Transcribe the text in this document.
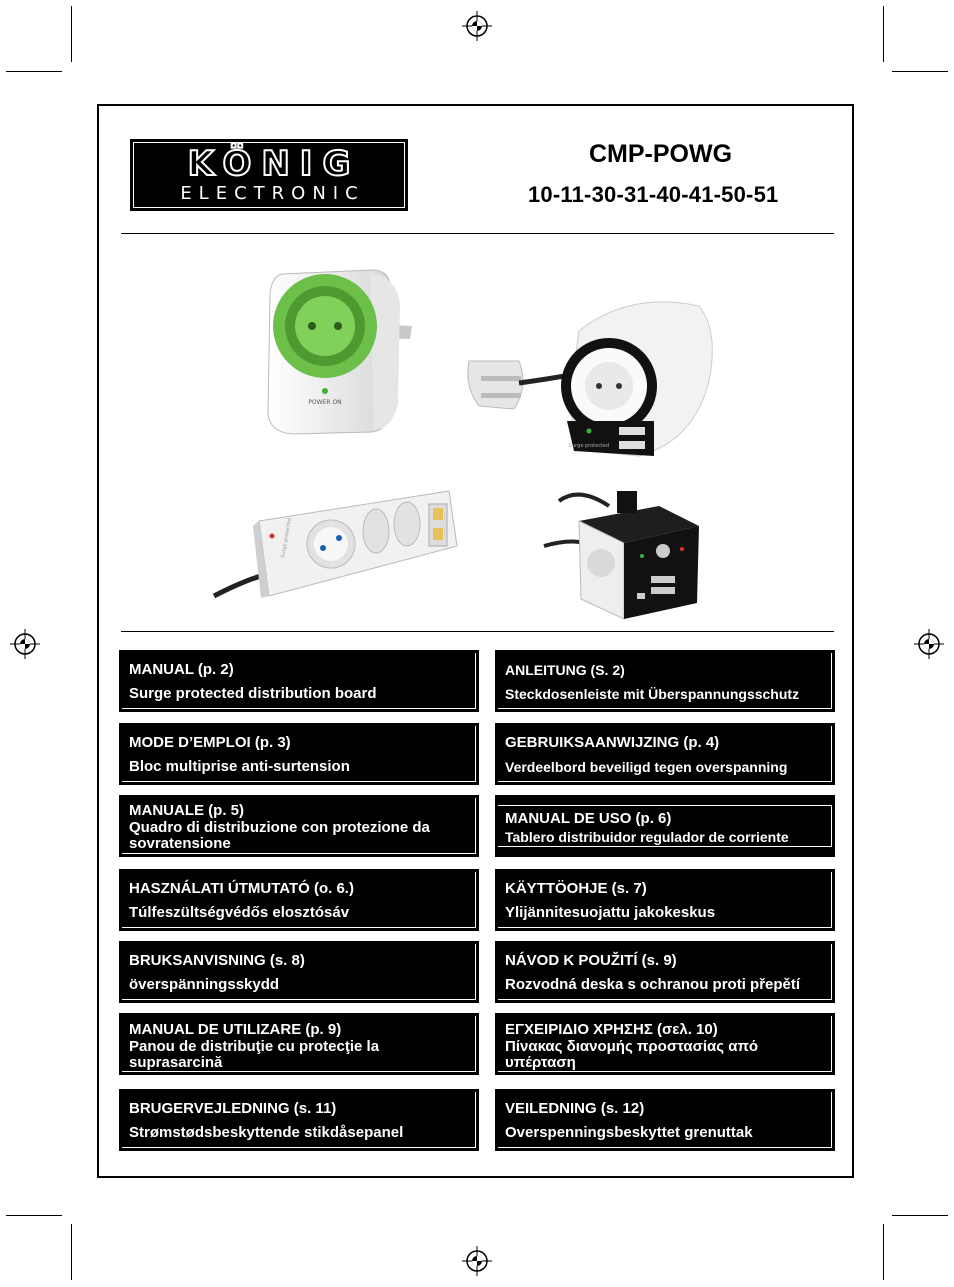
KÖNIG
ELECTRONIC
CMP-POWG
10-11-30-31-40-41-50-51
POWER ON
Surge protected
Surge protected
MANUAL (p. 2)
Surge protected distribution board
ANLEITUNG (S. 2)
Steckdosenleiste mit Überspannungsschutz
MODE D’EMPLOI (p. 3)
Bloc multiprise anti-surtension
GEBRUIKSAANWIJZING (p. 4)
Verdeelbord beveiligd tegen overspanning
MANUALE (p. 5)
Quadro di distribuzione con protezione da sovratensione
MANUAL DE USO (p. 6)
Tablero distribuidor regulador de corriente
HASZNÁLATI ÚTMUTATÓ (o. 6.)
Túlfeszültségvédős elosztósáv
KÄYTTÖOHJE (s. 7)
Ylijännitesuojattu jakokeskus
BRUKSANVISNING (s. 8)
överspänningsskydd
NÁVOD K POUŽITÍ (s. 9)
Rozvodná deska s ochranou proti přepětí
MANUAL DE UTILIZARE (p. 9)
Panou de distribuţie cu protecţie la suprasarcină
ΕΓΧΕΙΡΙΔΙΟ ΧΡΗΣΗΣ (σελ. 10)
Πίνακας διανομής προστασίας από υπέρταση
BRUGERVEJLEDNING (s. 11)
Strømstødsbeskyttende stikdåsepanel
VEILEDNING (s. 12)
Overspenningsbeskyttet grenuttak
